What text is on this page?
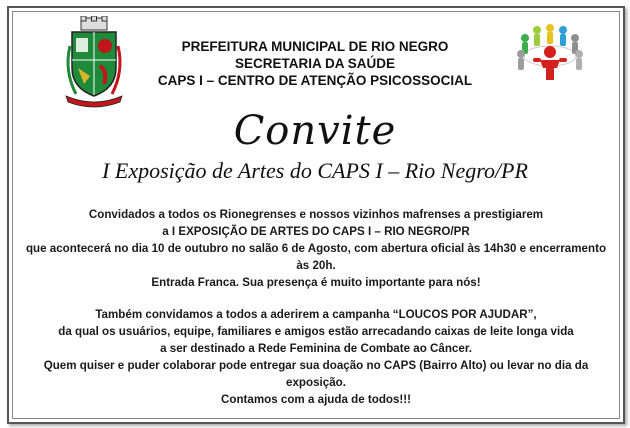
PREFEITURA MUNICIPAL DE RIO NEGRO
SECRETARIA DA SAÚDE
CAPS I – CENTRO DE ATENÇÃO PSICOSSOCIAL
Convite
I Exposição de Artes do CAPS I – Rio Negro/PR

Convidados a todos os Rionegrenses e nossos vizinhos mafrenses a prestigiarem

a I EXPOSIÇÃO DE ARTES DO CAPS I – RIO NEGRO/PR

que acontecerá no dia 10 de outubro no salão 6 de Agosto, com abertura oficial às 14h30 e encerramento às 20h.

Entrada Franca. Sua presença é muito importante para nós!

Também convidamos a todos a aderirem a campanha “LOUCOS POR AJUDAR”,

da qual os usuários, equipe, familiares e amigos estão arrecadando caixas de leite longa vida

a ser destinado a Rede Feminina de Combate ao Câncer.

Quem quiser e puder colaborar pode entregar sua doação no CAPS (Bairro Alto) ou levar no dia da exposição.

Contamos com a ajuda de todos!!!
